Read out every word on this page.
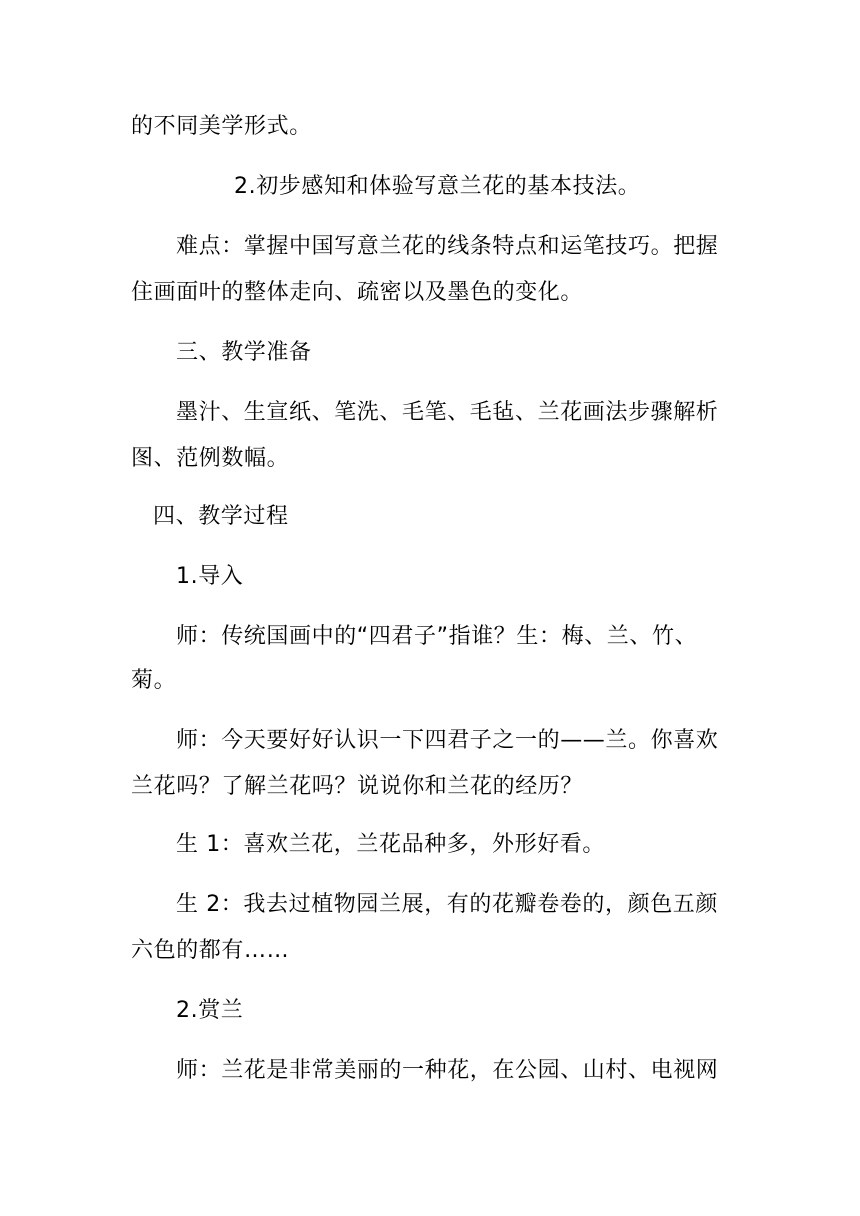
的不同美学形式。
2.初步感知和体验写意兰花的基本技法。
难点：掌握中国写意兰花的线条特点和运笔技巧。把握
住画面叶的整体走向、疏密以及墨色的变化。
三、教学准备
墨汁、生宣纸、笔洗、毛笔、毛毡、兰花画法步骤解析
图、范例数幅。
四、教学过程
1.导入
师：传统国画中的“四君子”指谁？生：梅、兰、竹、
菊。
师：今天要好好认识一下四君子之一的——兰。你喜欢
兰花吗？了解兰花吗？说说你和兰花的经历？
生 1：喜欢兰花，兰花品种多，外形好看。
生 2：我去过植物园兰展，有的花瓣卷卷的，颜色五颜
六色的都有……
2.赏兰
师：兰花是非常美丽的一种花，在公园、山村、电视网
